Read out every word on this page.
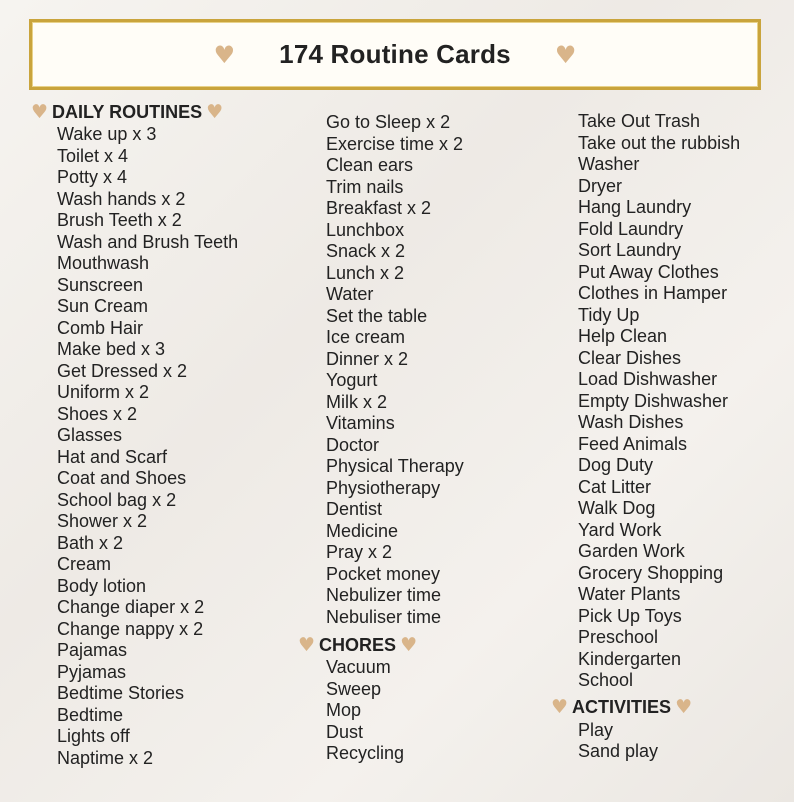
♥ 174 Routine Cards ♥
♥ DAILY ROUTINES ♥
Wake up x 3
Toilet x 4
Potty x 4
Wash hands x 2
Brush Teeth x 2
Wash and Brush Teeth
Mouthwash
Sunscreen
Sun Cream
Comb Hair
Make bed x 3
Get Dressed x 2
Uniform x 2
Shoes x 2
Glasses
Hat and Scarf
Coat and Shoes
School bag x 2
Shower x 2
Bath x 2
Cream
Body lotion
Change diaper x 2
Change nappy x 2
Pajamas
Pyjamas
Bedtime Stories
Bedtime
Lights off
Naptime x 2
Go to Sleep x 2
Exercise time x 2
Clean ears
Trim nails
Breakfast x 2
Lunchbox
Snack x 2
Lunch x 2
Water
Set the table
Ice cream
Dinner x 2
Yogurt
Milk x 2
Vitamins
Doctor
Physical Therapy
Physiotherapy
Dentist
Medicine
Pray x 2
Pocket money
Nebulizer time
Nebuliser time
♥ CHORES ♥
Vacuum
Sweep
Mop
Dust
Recycling
Take Out Trash
Take out the rubbish
Washer
Dryer
Hang Laundry
Fold Laundry
Sort Laundry
Put Away Clothes
Clothes in Hamper
Tidy Up
Help Clean
Clear Dishes
Load Dishwasher
Empty Dishwasher
Wash Dishes
Feed Animals
Dog Duty
Cat Litter
Walk Dog
Yard Work
Garden Work
Grocery Shopping
Water Plants
Pick Up Toys
Preschool
Kindergarten
School
♥ ACTIVITIES ♥
Play
Sand play
